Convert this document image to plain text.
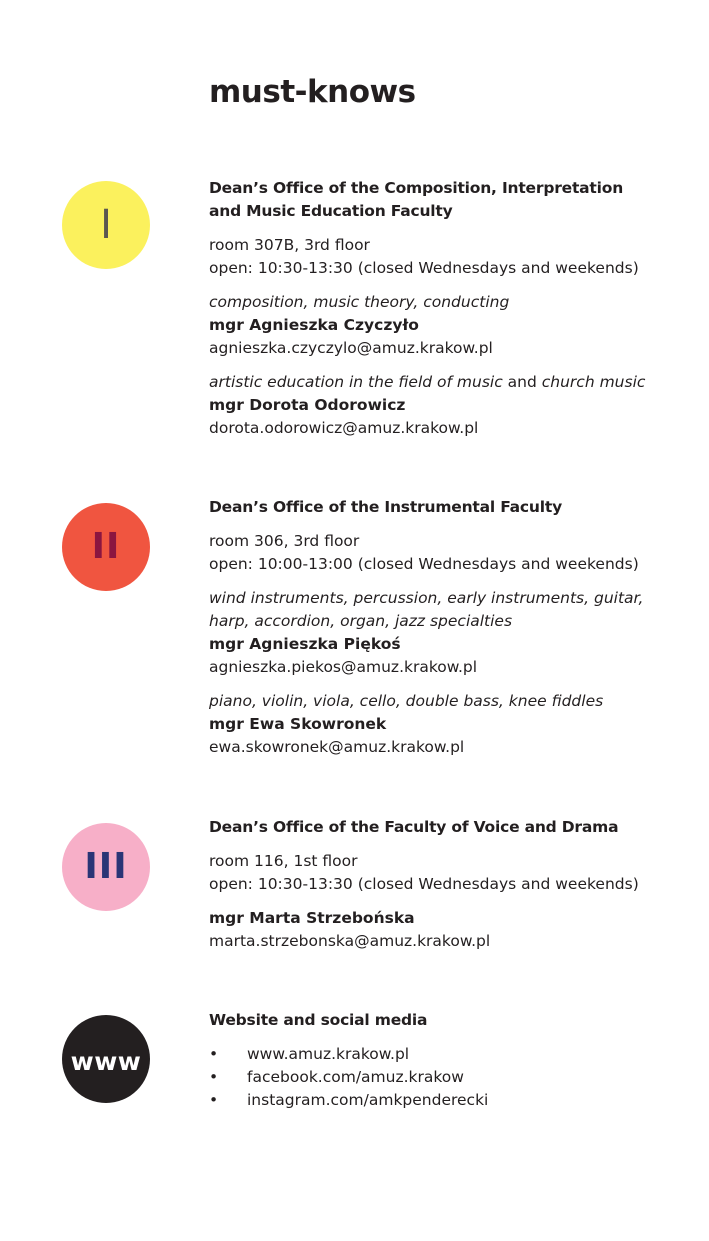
must-knows
I
Dean’s Office of the Composition, Interpretation
and Music Education Faculty
room 307B, 3rd floor
open: 10:30-13:30 (closed Wednesdays and weekends)
composition, music theory, conducting
mgr Agnieszka Czyczyło
agnieszka.czyczylo@amuz.krakow.pl
artistic education in the field of music and church music
mgr Dorota Odorowicz
dorota.odorowicz@amuz.krakow.pl
II
Dean’s Office of the Instrumental Faculty
room 306, 3rd floor
open: 10:00-13:00 (closed Wednesdays and weekends)
wind instruments, percussion, early instruments, guitar,
harp, accordion, organ, jazz specialties
mgr Agnieszka Piękoś
agnieszka.piekos@amuz.krakow.pl
piano, violin, viola, cello, double bass, knee fiddles
mgr Ewa Skowronek
ewa.skowronek@amuz.krakow.pl
III
Dean’s Office of the Faculty of Voice and Drama
room 116, 1st floor
open: 10:30-13:30 (closed Wednesdays and weekends)
mgr Marta Strzebońska
marta.strzebonska@amuz.krakow.pl
www
Website and social media
• www.amuz.krakow.pl
• facebook.com/amuz.krakow
• instagram.com/amkpenderecki
